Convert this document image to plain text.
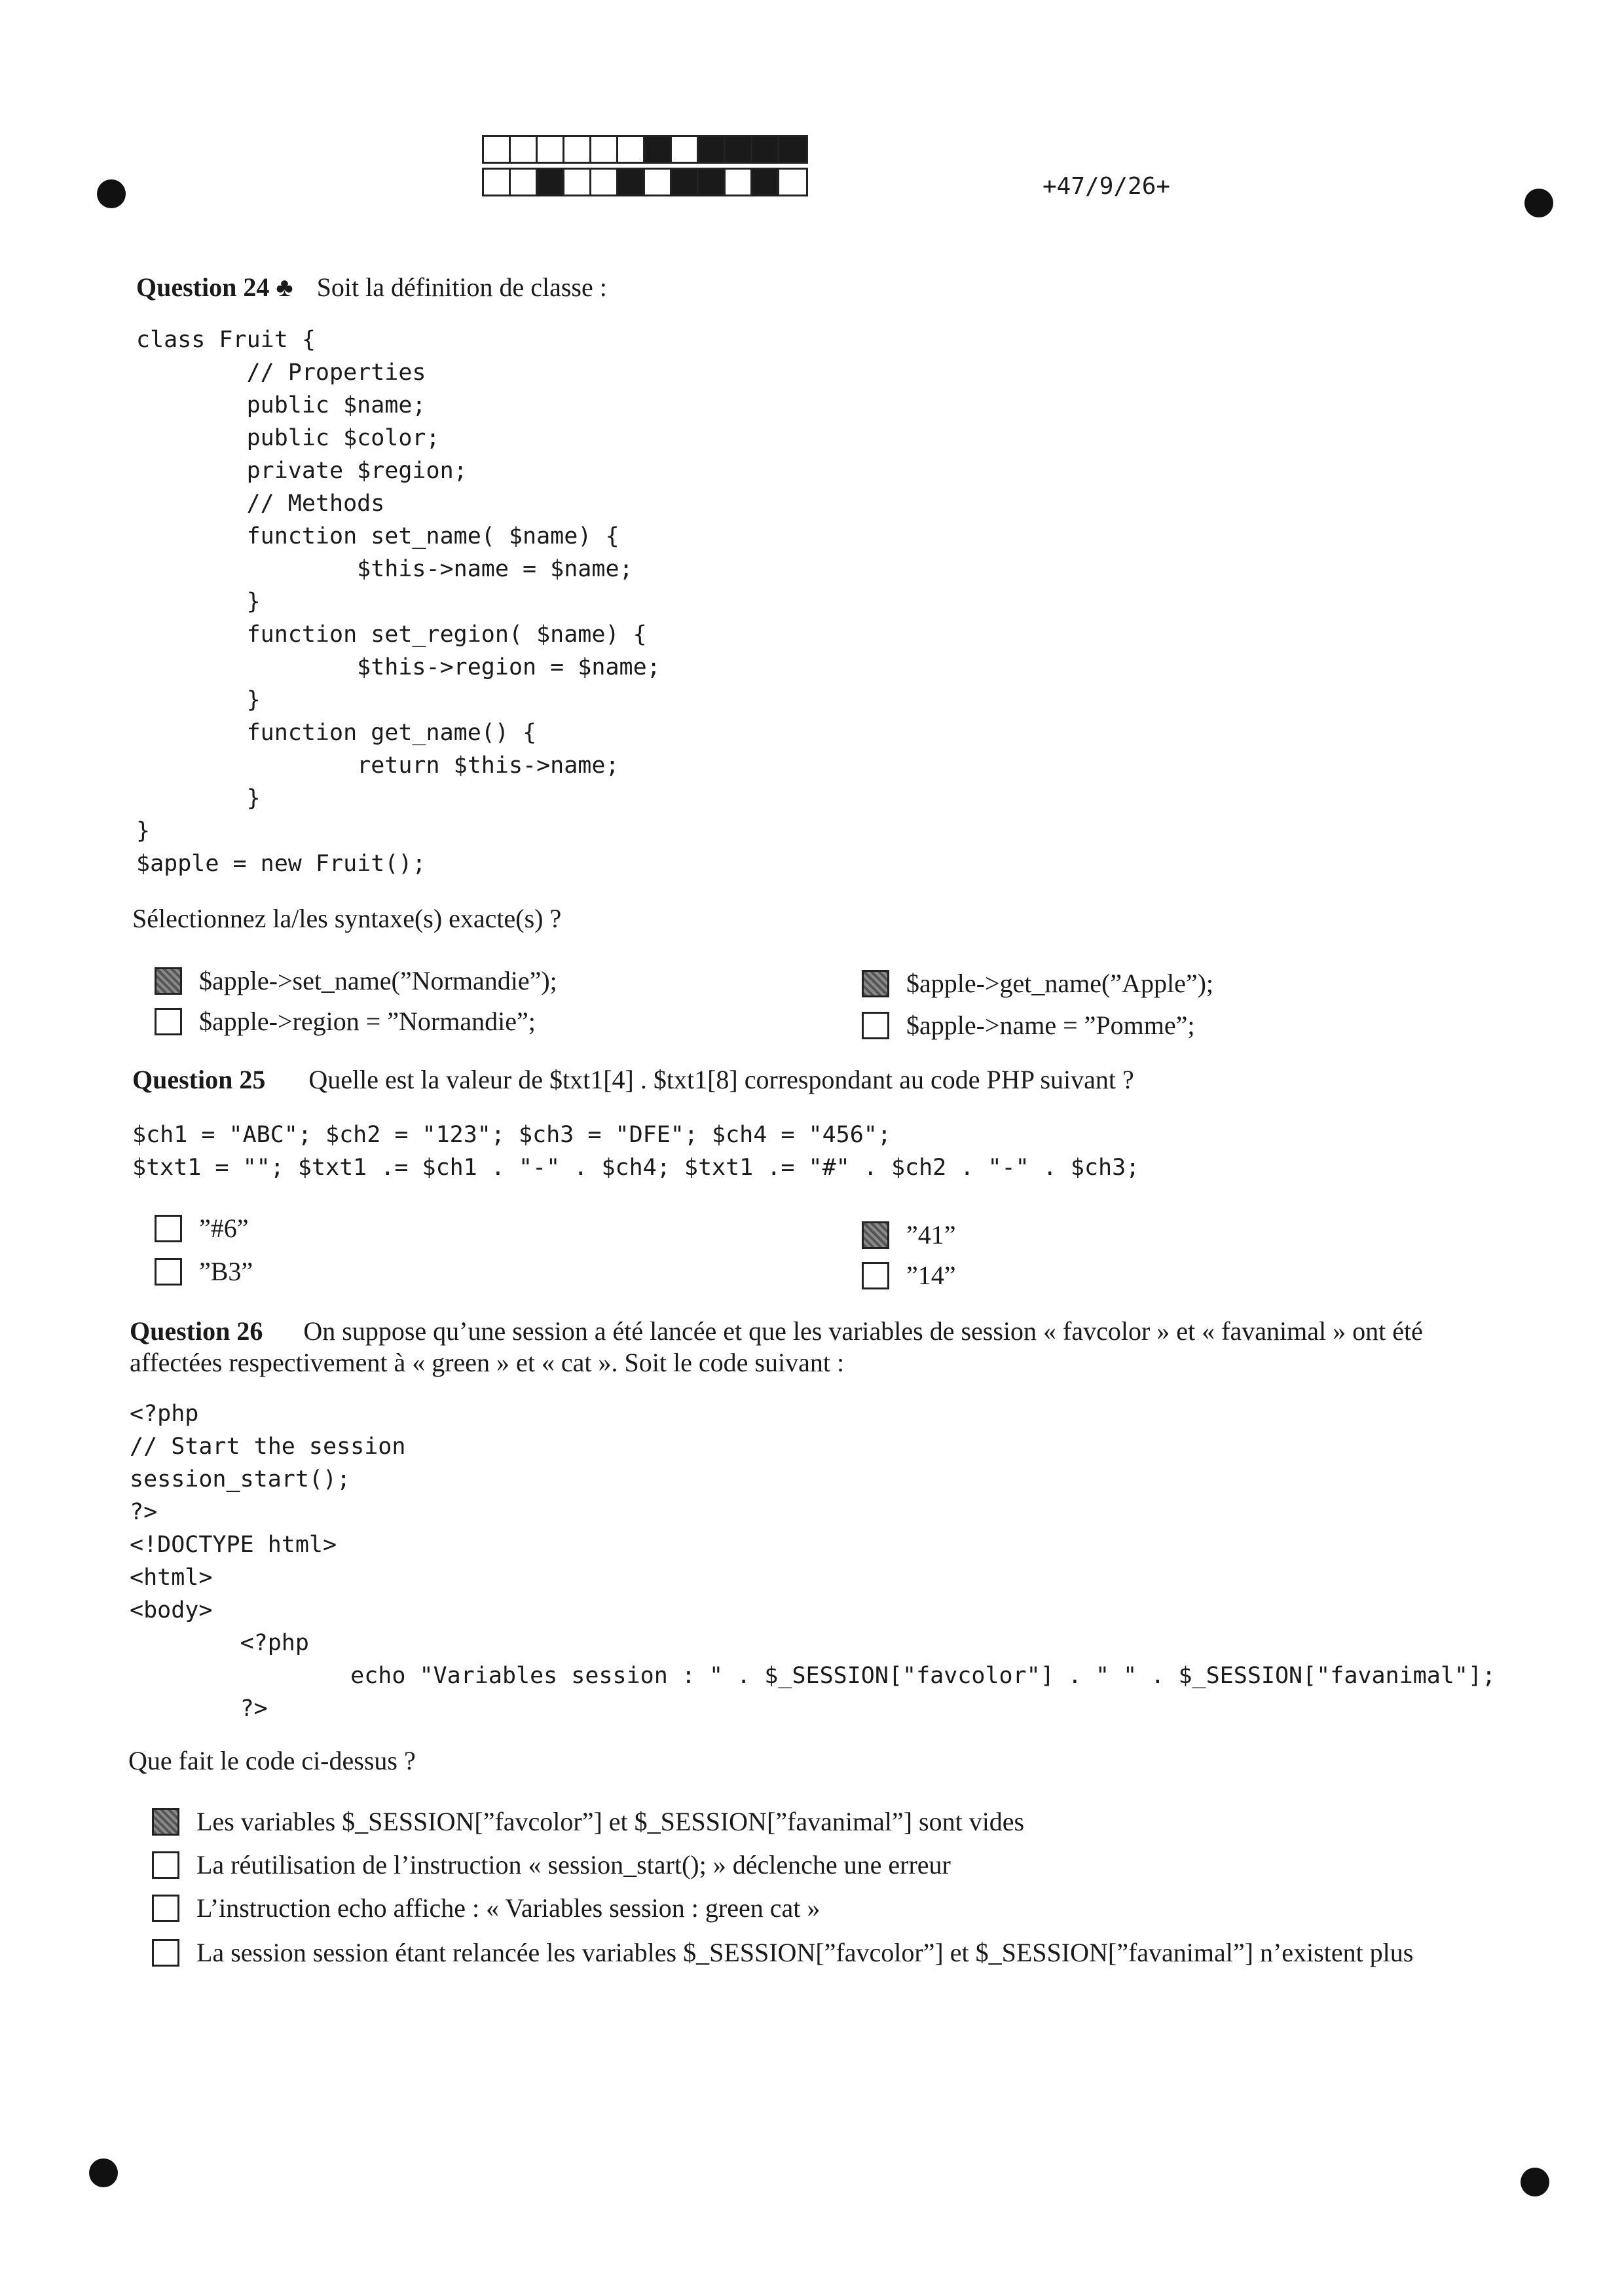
+47/9/26+
Question 24 ♣ Soit la définition de classe :
class Fruit {
// Properties
public $name;
public $color;
private $region;
// Methods
function set_name( $name) {
$this->name = $name;
}
function set_region( $name) {
$this->region = $name;
}
function get_name() {
return $this->name;
}
}
$apple = new Fruit();
Sélectionnez la/les syntaxe(s) exacte(s) ?
$apple->set_name(”Normandie”);	$apple->get_name(”Apple”);
$apple->region = ”Normandie”;	$apple->name = ”Pomme”;
Question 25 Quelle est la valeur de $txt1[4] . $txt1[8] correspondant au code PHP suivant ?
$ch1 = "ABC"; $ch2 = "123"; $ch3 = "DFE"; $ch4 = "456";
$txt1 = ""; $txt1 .= $ch1 . "-" . $ch4; $txt1 .= "#" . $ch2 . "-" . $ch3;
”#6”	”41”
”B3”	”14”
Question 26 On suppose qu’une session a été lancée et que les variables de session « favcolor » et « favanimal » ont été
affectées respectivement à « green » et « cat ». Soit le code suivant :
<?php
// Start the session
session_start();
?>
<!DOCTYPE html>
<html>
<body>
<?php
echo "Variables session : " . $_SESSION["favcolor"] . " " . $_SESSION["favanimal"];
?>
Que fait le code ci-dessus ?
Les variables $_SESSION[”favcolor”] et $_SESSION[”favanimal”] sont vides
La réutilisation de l’instruction « session_start(); » déclenche une erreur
L’instruction echo affiche : « Variables session : green cat »
La session session étant relancée les variables $_SESSION[”favcolor”] et $_SESSION[”favanimal”] n’existent plus
